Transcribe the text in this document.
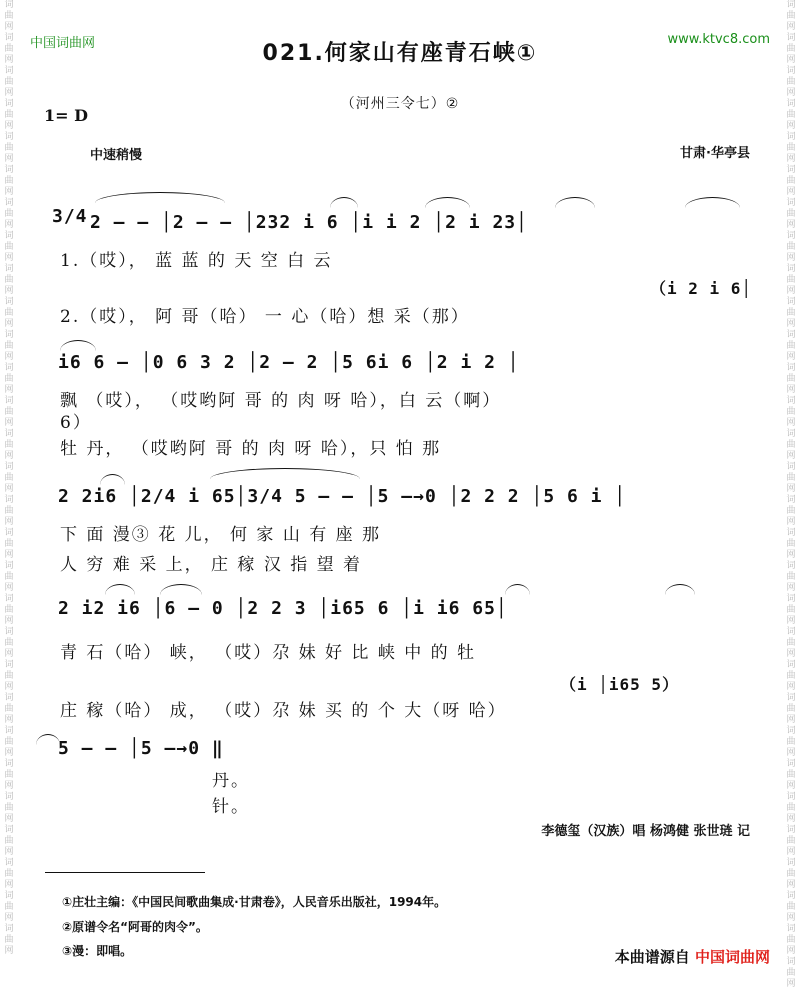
词 曲 网 词 曲 网 词 曲 网 词 曲 网 词 曲 网 词 曲 网 词 曲 网 词 曲 网 词 曲 网 词 曲 网 词 曲 网 词 曲 网 词 曲 网 词 曲 网 词 曲 网 词 曲 网 词 曲 网 词 曲 网 词 曲 网 词 曲 网 词 曲 网 词 曲 网 词 曲 网 词 曲 网 词 曲 网 词 曲 网 词 曲 网 词 曲 网 词 曲 网
词 曲 网 词 曲 网 词 曲 网 词 曲 网 词 曲 网 词 曲 网 词 曲 网 词 曲 网 词 曲 网 词 曲 网 词 曲 网 词 曲 网 词 曲 网 词 曲 网 词 曲 网 词 曲 网 词 曲 网 词 曲 网 词 曲 网 词 曲 网 词 曲 网 词 曲 网 词 曲 网 词 曲 网 词 曲 网 词 曲 网 词 曲 网 词 曲 网 词 曲 网 词 曲 网
中国词曲网	www.ktvc8.com
021.何家山有座青石峡①
（河州三令七）②
1= D
中速稍慢	甘肃·华亭县
3/4 2 — — │2 — — │232 i 6 │i i 2 │2 i 23│
1.（哎）， 蓝 蓝 的 天 空 白 云
（i 2 i 6│
2.（哎）， 阿 哥（哈） 一 心（哈）想 采（那）
i6 6 — │0 6 3 2 │2 — 2 │5 6i 6 │2 i 2 │
飘 （哎）， （哎哟阿 哥 的 肉 呀 哈），白 云（啊）
6）
牡 丹， （哎哟阿 哥 的 肉 呀 哈），只 怕 那
2 2i6 │2/4 i 65│3/4 5 — — │5 —→0 │2 2 2 │5 6 i │
下 面 漫③ 花 儿， 何 家 山 有 座 那
人 穷 难 采 上， 庄 稼 汉 指 望 着
2 i2 i6 │6 — 0 │2 2 3 │i65 6 │i i6 65│
青 石（哈） 峡， （哎）尕 妹 好 比 峡 中 的 牡
（i │i65 5）
庄 稼（哈） 成， （哎）尕 妹 买 的 个 大（呀 哈）
5 — — │5 —→0 ‖
丹。
针。
李德玺（汉族）唱 杨鸿健 张世琏 记
①庄壮主编：《中国民间歌曲集成·甘肃卷》，人民音乐出版社，1994年。
②原谱令名“阿哥的肉令”。
③漫：即唱。	本曲谱源自 中国词曲网
